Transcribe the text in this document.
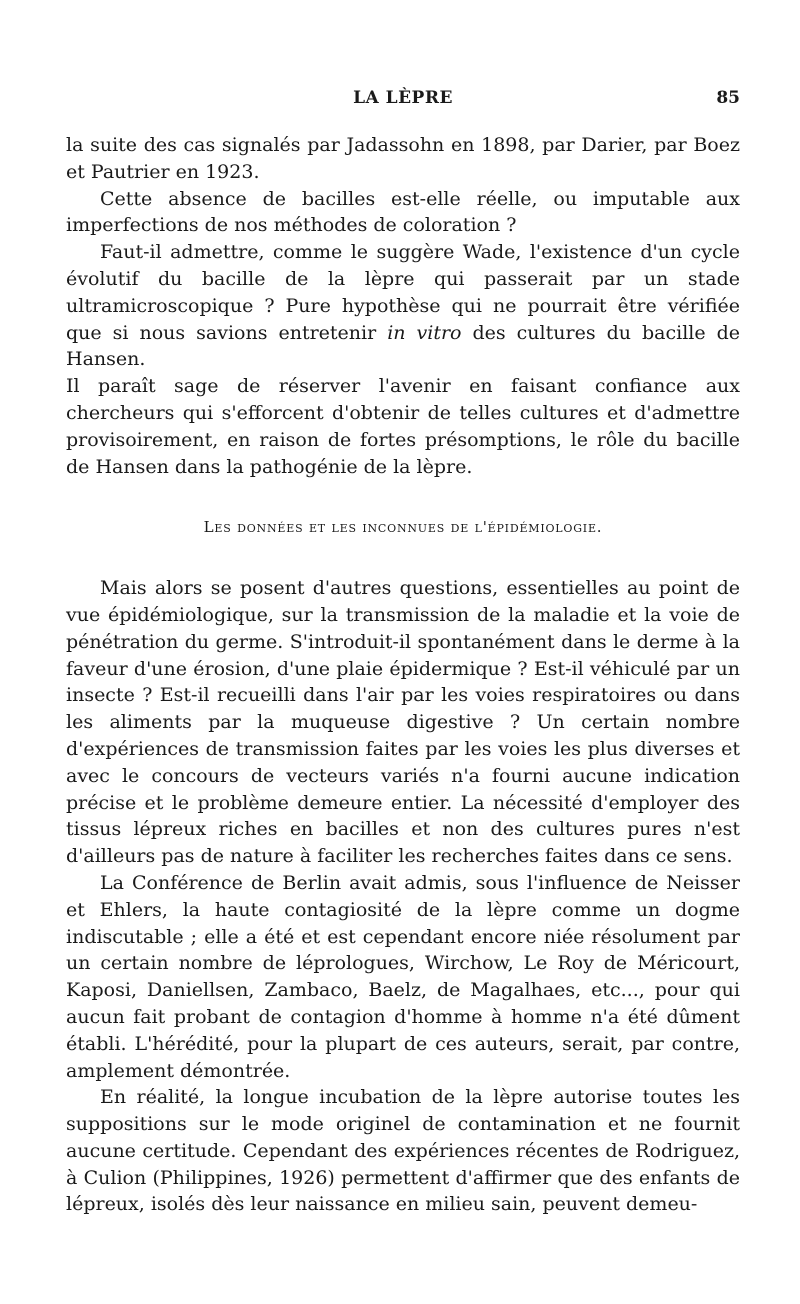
LA LÈPRE	85

la suite des cas signalés par Jadassohn en 1898, par Darier, par Boez et Pautrier en 1923.

Cette absence de bacilles est-elle réelle, ou imputable aux imperfections de nos méthodes de coloration ?

Faut-il admettre, comme le suggère Wade, l'existence d'un cycle évolutif du bacille de la lèpre qui passerait par un stade ultramicroscopique ? Pure hypothèse qui ne pourrait être vérifiée que si nous savions entretenir in vitro des cultures du bacille de Hansen.

Il paraît sage de réserver l'avenir en faisant confiance aux chercheurs qui s'efforcent d'obtenir de telles cultures et d'admettre provisoirement, en raison de fortes présomptions, le rôle du bacille de Hansen dans la pathogénie de la lèpre.

Les données et les inconnues de l'épidémiologie.

Mais alors se posent d'autres questions, essentielles au point de vue épidémiologique, sur la transmission de la maladie et la voie de pénétration du germe. S'introduit-il spontanément dans le derme à la faveur d'une érosion, d'une plaie épidermique ? Est-il véhiculé par un insecte ? Est-il recueilli dans l'air par les voies respiratoires ou dans les aliments par la muqueuse digestive ? Un certain nombre d'expériences de transmission faites par les voies les plus diverses et avec le concours de vecteurs variés n'a fourni aucune indication précise et le problème demeure entier. La nécessité d'employer des tissus lépreux riches en bacilles et non des cultures pures n'est d'ailleurs pas de nature à faciliter les recherches faites dans ce sens.

La Conférence de Berlin avait admis, sous l'influence de Neisser et Ehlers, la haute contagiosité de la lèpre comme un dogme indiscutable ; elle a été et est cependant encore niée résolument par un certain nombre de léprologues, Wirchow, Le Roy de Méricourt, Kaposi, Daniellsen, Zambaco, Baelz, de Magalhaes, etc..., pour qui aucun fait probant de contagion d'homme à homme n'a été dûment établi. L'hérédité, pour la plupart de ces auteurs, serait, par contre, amplement démontrée.

En réalité, la longue incubation de la lèpre autorise toutes les suppositions sur le mode originel de contamination et ne fournit aucune certitude. Cependant des expériences récentes de Rodriguez, à Culion (Philippines, 1926) permettent d'affirmer que des enfants de lépreux, isolés dès leur naissance en milieu sain, peuvent demeu-
